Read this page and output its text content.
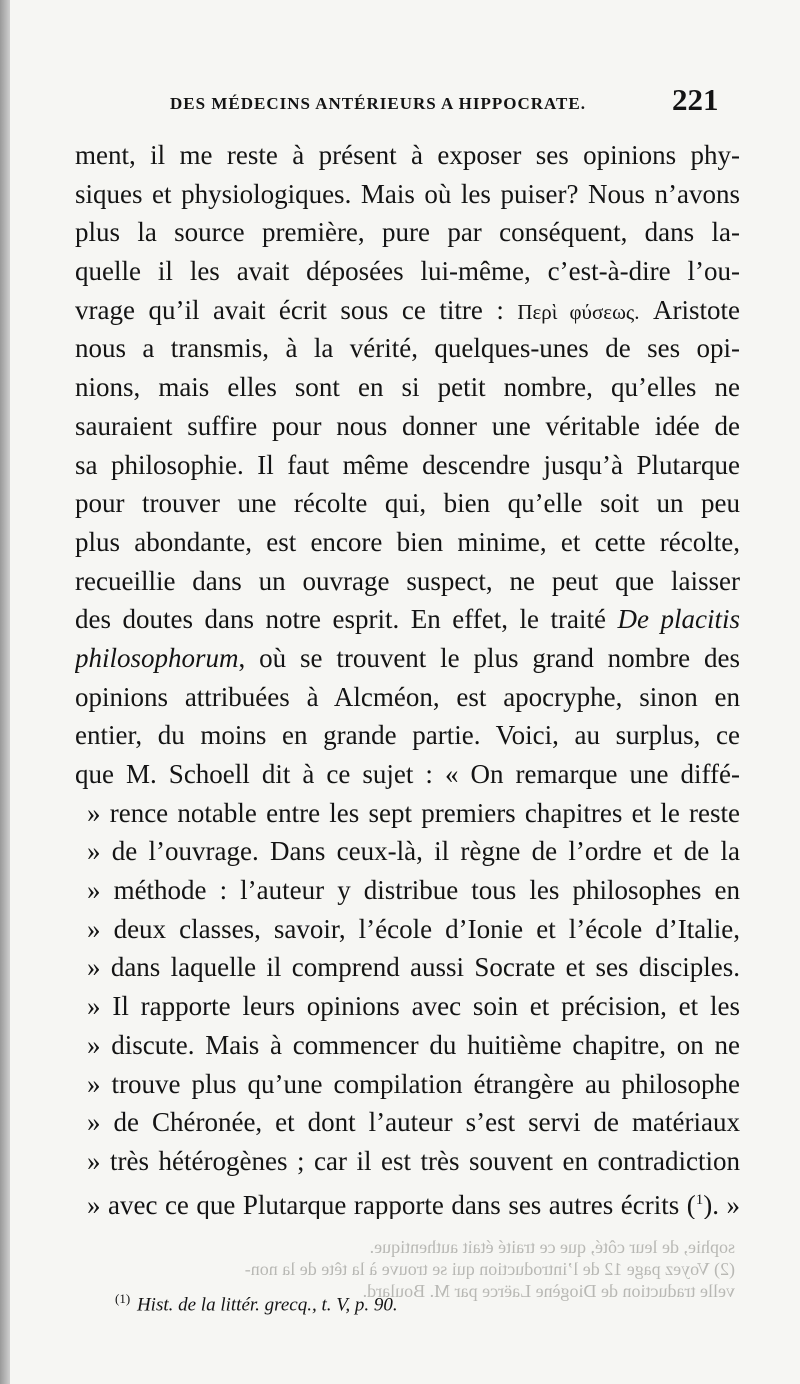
sophie, de leur côté, que ce traité était authentique.
(2) Voyez page 12 de l’introduction qui se trouve à la tête de la non-
velle traduction de Diogène Laërce par M. Boulard.
DES MÉDECINS ANTÉRIEURS A HIPPOCRATE.	221
ment, il me reste à présent à exposer ses opinions phy-
siques et physiologiques. Mais où les puiser? Nous n’avons
plus la source première, pure par conséquent, dans la-
quelle il les avait déposées lui-même, c’est-à-dire l’ou-
vrage qu’il avait écrit sous ce titre : Περὶ φύσεως. Aristote
nous a transmis, à la vérité, quelques-unes de ses opi-
nions, mais elles sont en si petit nombre, qu’elles ne
sauraient suffire pour nous donner une véritable idée de
sa philosophie. Il faut même descendre jusqu’à Plutarque
pour trouver une récolte qui, bien qu’elle soit un peu
plus abondante, est encore bien minime, et cette récolte,
recueillie dans un ouvrage suspect, ne peut que laisser
des doutes dans notre esprit. En effet, le traité De placitis
philosophorum, où se trouvent le plus grand nombre des
opinions attribuées à Alcméon, est apocryphe, sinon en
entier, du moins en grande partie. Voici, au surplus, ce
que M. Schoell dit à ce sujet : « On remarque une diffé-
» rence notable entre les sept premiers chapitres et le reste
» de l’ouvrage. Dans ceux-là, il règne de l’ordre et de la
» méthode : l’auteur y distribue tous les philosophes en
» deux classes, savoir, l’école d’Ionie et l’école d’Italie,
» dans laquelle il comprend aussi Socrate et ses disciples.
» Il rapporte leurs opinions avec soin et précision, et les
» discute. Mais à commencer du huitième chapitre, on ne
» trouve plus qu’une compilation étrangère au philosophe
» de Chéronée, et dont l’auteur s’est servi de matériaux
» très hétérogènes ; car il est très souvent en contradiction
» avec ce que Plutarque rapporte dans ses autres écrits ($^1$). »
$^{(1)}$ Hist. de la littér. grecq., t. V, p. 90.
